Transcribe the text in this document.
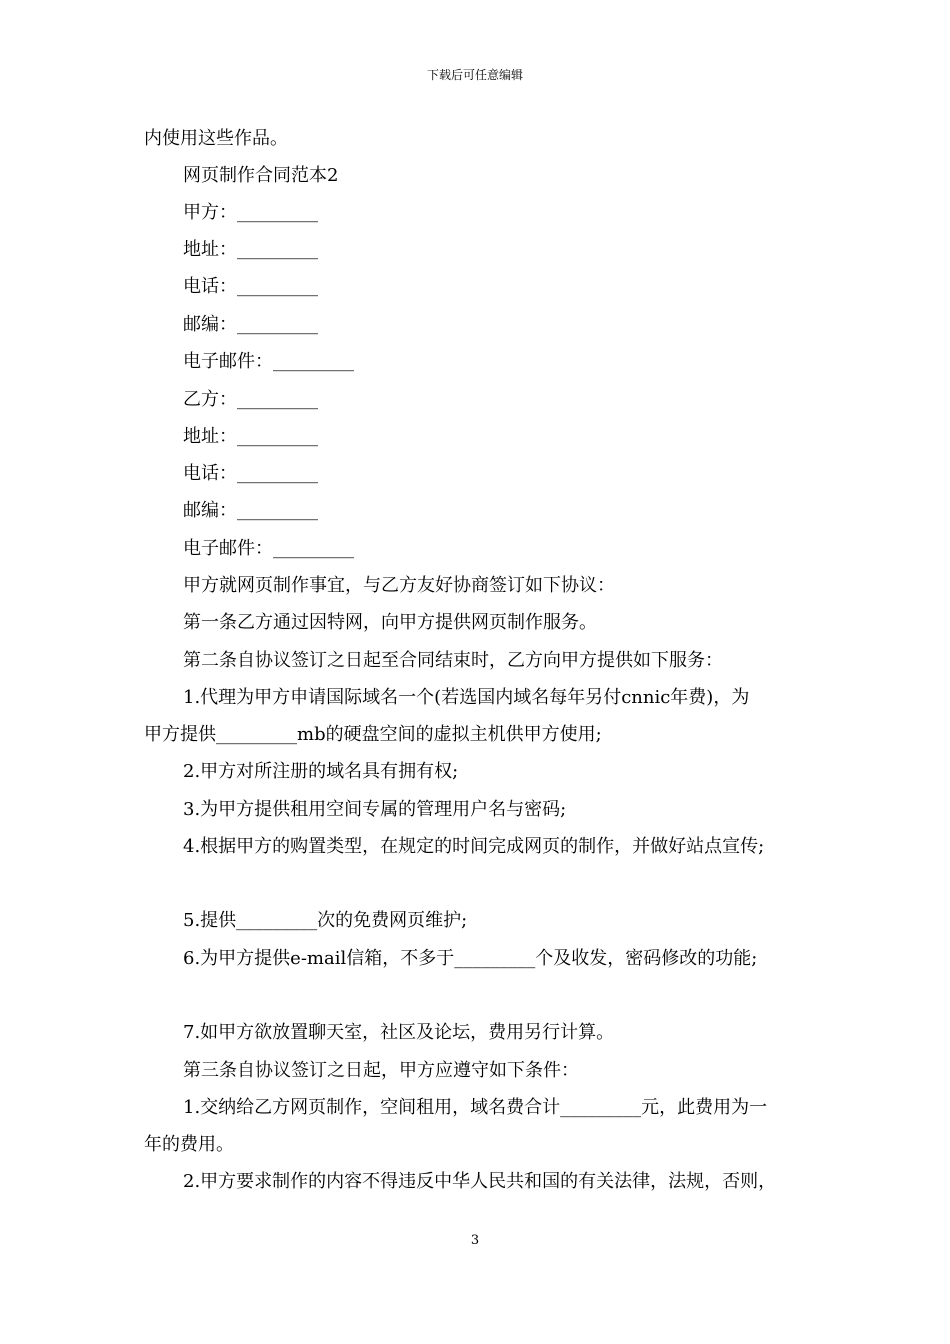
下载后可任意编辑
内使用这些作品。
网页制作合同范本2
甲方：_________
地址：_________
电话：_________
邮编：_________
电子邮件：_________
乙方：_________
地址：_________
电话：_________
邮编：_________
电子邮件：_________
甲方就网页制作事宜，与乙方友好协商签订如下协议：
第一条乙方通过因特网，向甲方提供网页制作服务。
第二条自协议签订之日起至合同结束时，乙方向甲方提供如下服务：
1.代理为甲方申请国际域名一个(若选国内域名每年另付cnnic年费)，为
甲方提供_________mb的硬盘空间的虚拟主机供甲方使用;
2.甲方对所注册的域名具有拥有权;
3.为甲方提供租用空间专属的管理用户名与密码;
4.根据甲方的购置类型，在规定的时间完成网页的制作，并做好站点宣传;
5.提供_________次的免费网页维护;
6.为甲方提供e-mail信箱，不多于_________个及收发，密码修改的功能;
7.如甲方欲放置聊天室，社区及论坛，费用另行计算。
第三条自协议签订之日起，甲方应遵守如下条件：
1.交纳给乙方网页制作，空间租用，域名费合计_________元，此费用为一
年的费用。
2.甲方要求制作的内容不得违反中华人民共和国的有关法律，法规，否则，
3
